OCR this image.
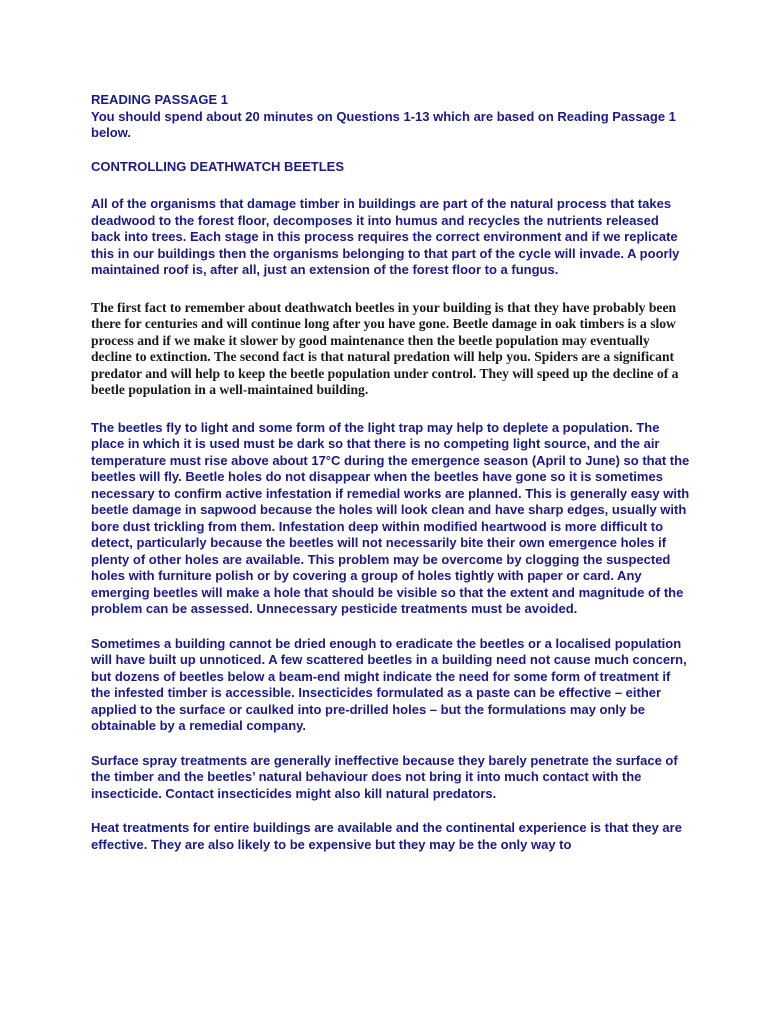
READING PASSAGE 1

You should spend about 20 minutes on Questions 1-13 which are based on Reading Passage 1 below.

CONTROLLING DEATHWATCH BEETLES

All of the organisms that damage timber in buildings are part of the natural process that takes deadwood to the forest floor, decomposes it into humus and recycles the nutrients released back into trees. Each stage in this process requires the correct environment and if we replicate this in our buildings then the organisms belonging to that part of the cycle will invade. A poorly maintained roof is, after all, just an extension of the forest floor to a fungus.

The first fact to remember about deathwatch beetles in your building is that they have probably been there for centuries and will continue long after you have gone. Beetle damage in oak timbers is a slow process and if we make it slower by good maintenance then the beetle population may eventually decline to extinction. The second fact is that natural predation will help you. Spiders are a significant predator and will help to keep the beetle population under control. They will speed up the decline of a beetle population in a well-maintained building.

The beetles fly to light and some form of the light trap may help to deplete a population. The place in which it is used must be dark so that there is no competing light source, and the air temperature must rise above about 17°C during the emergence season (April to June) so that the beetles will fly. Beetle holes do not disappear when the beetles have gone so it is sometimes necessary to confirm active infestation if remedial works are planned. This is generally easy with beetle damage in sapwood because the holes will look clean and have sharp edges, usually with bore dust trickling from them. Infestation deep within modified heartwood is more difficult to detect, particularly because the beetles will not necessarily bite their own emergence holes if plenty of other holes are available. This problem may be overcome by clogging the suspected holes with furniture polish or by covering a group of holes tightly with paper or card. Any emerging beetles will make a hole that should be visible so that the extent and magnitude of the problem can be assessed. Unnecessary pesticide treatments must be avoided.

Sometimes a building cannot be dried enough to eradicate the beetles or a localised population will have built up unnoticed. A few scattered beetles in a building need not cause much concern, but dozens of beetles below a beam-end might indicate the need for some form of treatment if the infested timber is accessible. Insecticides formulated as a paste can be effective – either applied to the surface or caulked into pre-drilled holes – but the formulations may only be obtainable by a remedial company.

Surface spray treatments are generally ineffective because they barely penetrate the surface of the timber and the beetles’ natural behaviour does not bring it into much contact with the insecticide. Contact insecticides might also kill natural predators.

Heat treatments for entire buildings are available and the continental experience is that they are effective. They are also likely to be expensive but they may be the only way to
